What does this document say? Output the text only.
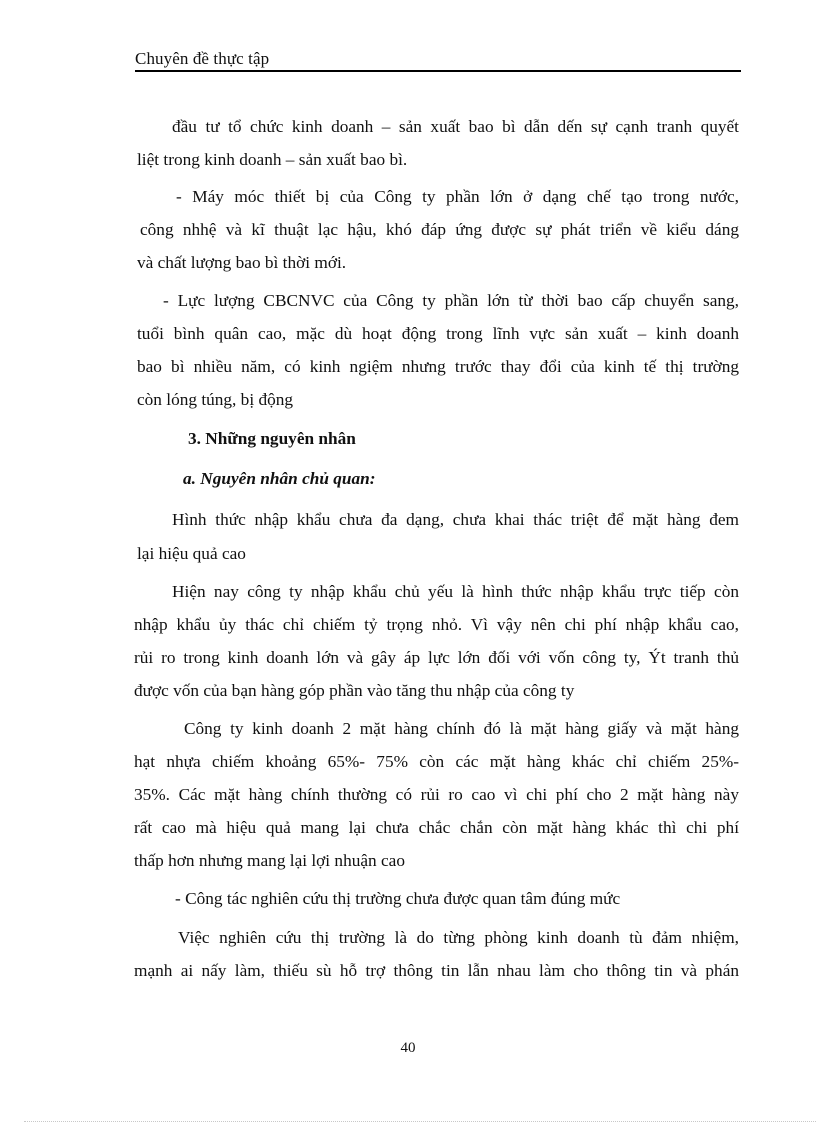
Chuyên đề thực tập
đầu tư tổ chức kinh doanh – sản xuất bao bì dẫn dến sự cạnh tranh quyết
liệt trong kinh doanh – sản xuất bao bì.
- Máy móc thiết bị của Công ty phần lớn ở dạng chế tạo trong nước,
công nhhệ và kĩ thuật lạc hậu, khó đáp ứng được sự phát triển về kiểu dáng
và chất lượng bao bì thời mới.
- Lực lượng CBCNVC của Công ty phần lớn từ thời bao cấp chuyển sang,
tuổi bình quân cao, mặc dù hoạt động trong lĩnh vực sản xuất – kinh doanh
bao bì nhiều năm, có kinh ngiệm nhưng trước thay đổi của kinh tế thị trường
còn lóng túng, bị động
3. Những nguyên nhân
a. Nguyên nhân chủ quan:
Hình thức nhập khẩu chưa đa dạng, chưa khai thác triệt để mặt hàng đem
lại hiệu quả cao
Hiện nay công ty nhập khẩu chủ yếu là hình thức nhập khẩu trực tiếp còn
nhập khẩu ủy thác chỉ chiếm tỷ trọng nhỏ. Vì vậy nên chi phí nhập khẩu cao,
rủi ro trong kinh doanh lớn và gây áp lực lớn đối với vốn công ty, Ýt tranh thủ
được vốn của bạn hàng góp phần vào tăng thu nhập của công ty
Công ty kinh doanh 2 mặt hàng chính đó là mặt hàng giấy và mặt hàng
hạt nhựa chiếm khoảng 65%- 75% còn các mặt hàng khác chỉ chiếm 25%-
35%. Các mặt hàng chính thường có rủi ro cao vì chi phí cho 2 mặt hàng này
rất cao mà hiệu quả mang lại chưa chắc chắn còn mặt hàng khác thì chi phí
thấp hơn nhưng mang lại lợi nhuận cao
- Công tác nghiên cứu thị trường chưa được quan tâm đúng mức
Việc nghiên cứu thị trường là do từng phòng kinh doanh tù đảm nhiệm,
mạnh ai nấy làm, thiếu sù hỗ trợ thông tin lẫn nhau làm cho thông tin và phán
40
